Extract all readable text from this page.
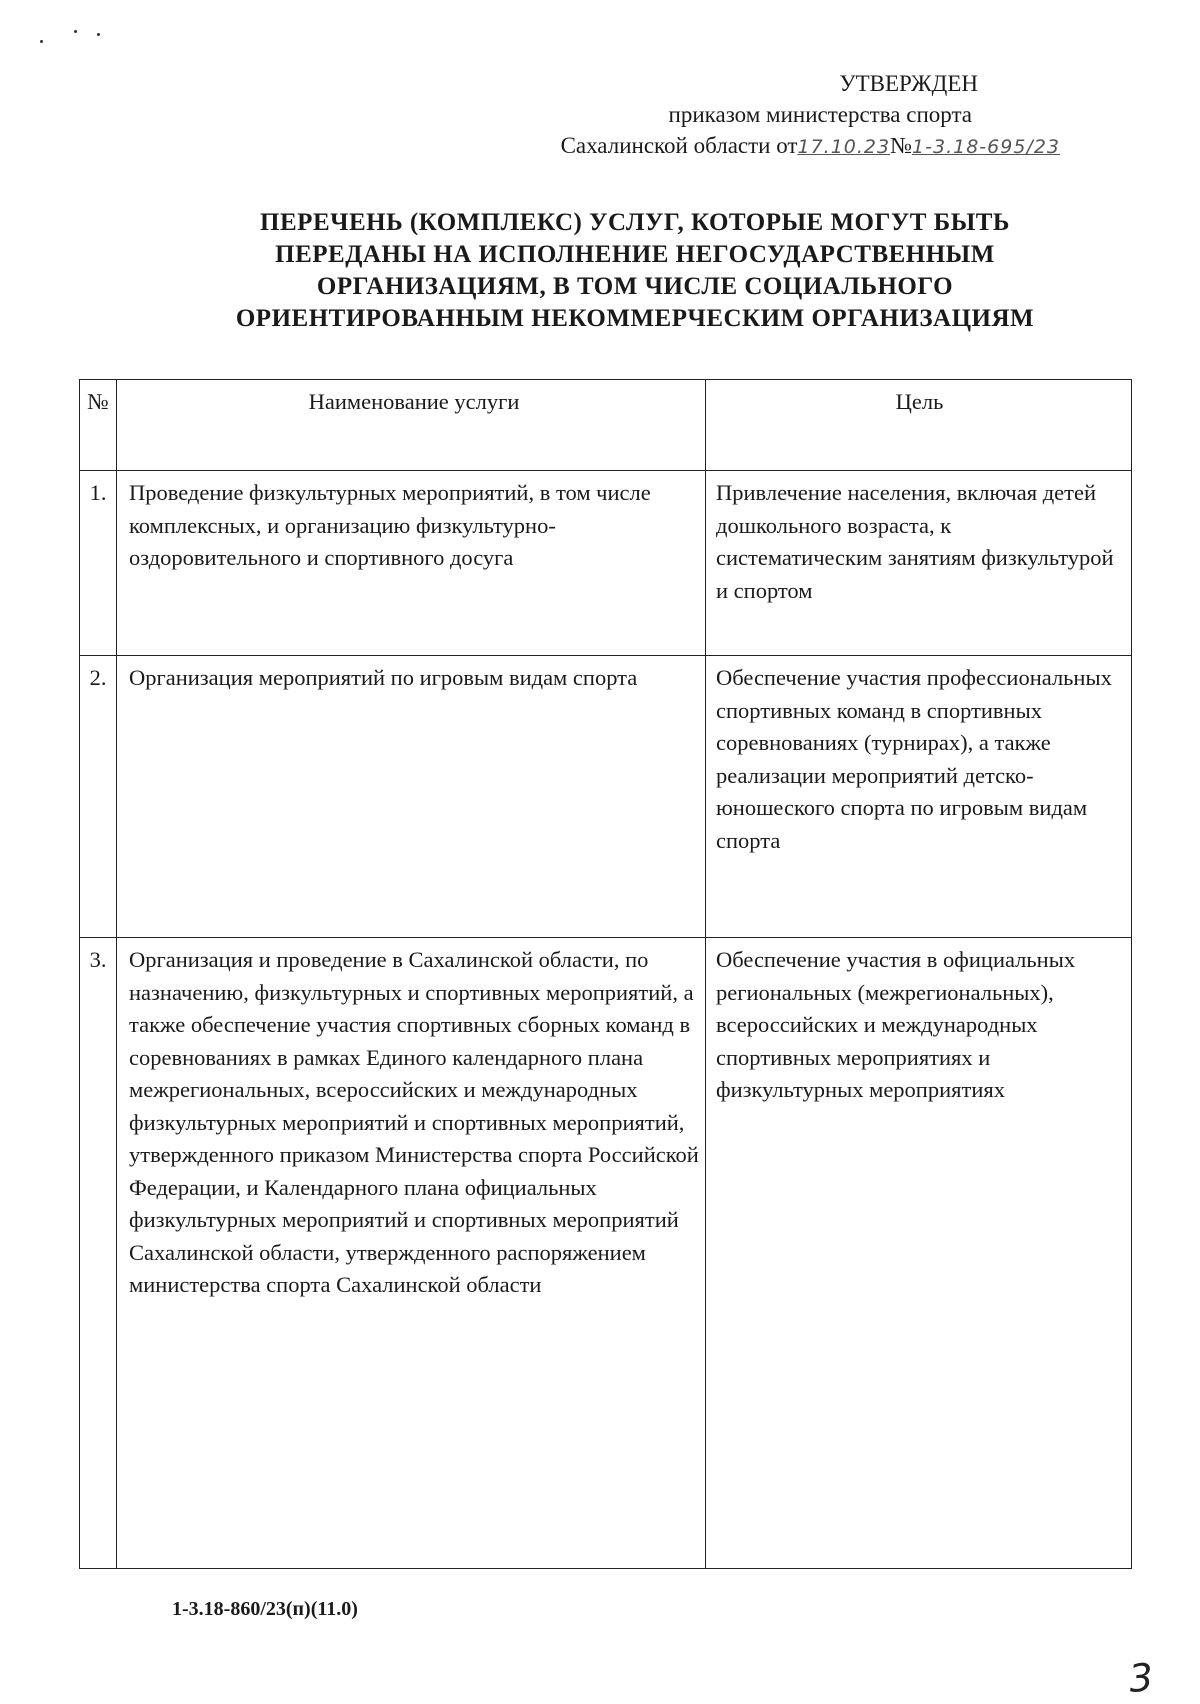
УТВЕРЖДЕН
приказом министерства спорта
Сахалинской области от17.10.23№1-3.18-695/23
ПЕРЕЧЕНЬ (КОМПЛЕКС) УСЛУГ, КОТОРЫЕ МОГУТ БЫТЬ
ПЕРЕДАНЫ НА ИСПОЛНЕНИЕ НЕГОСУДАРСТВЕННЫМ
ОРГАНИЗАЦИЯМ, В ТОМ ЧИСЛЕ СОЦИАЛЬНОГО
ОРИЕНТИРОВАННЫМ НЕКОММЕРЧЕСКИМ ОРГАНИЗАЦИЯМ
№	Наименование услуги	Цель
1.	Проведение физкультурных мероприятий, в том числе комплексных, и организацию физкультурно-оздоровительного и спортивного досуга	Привлечение населения, включая детей дошкольного возраста, к систематическим занятиям физкультурой и спортом
2.	Организация мероприятий по игровым видам спорта	Обеспечение участия профессиональных спортивных команд в спортивных соревнованиях (турнирах), а также реализации мероприятий детско-юношеского спорта по игровым видам спорта
3.	Организация и проведение в Сахалинской области, по назначению, физкультурных и спортивных мероприятий, а также обеспечение участия спортивных сборных команд в соревнованиях в рамках Единого календарного плана межрегиональных, всероссийских и международных физкультурных мероприятий и спортивных мероприятий, утвержденного приказом Министерства спорта Российской Федерации, и Календарного плана официальных физкультурных мероприятий и спортивных мероприятий Сахалинской области, утвержденного распоряжением министерства спорта Сахалинской области	Обеспечение участия в официальных региональных (межрегиональных), всероссийских и международных спортивных мероприятиях и физкультурных мероприятиях
1-3.18-860/23(п)(11.0)
3
